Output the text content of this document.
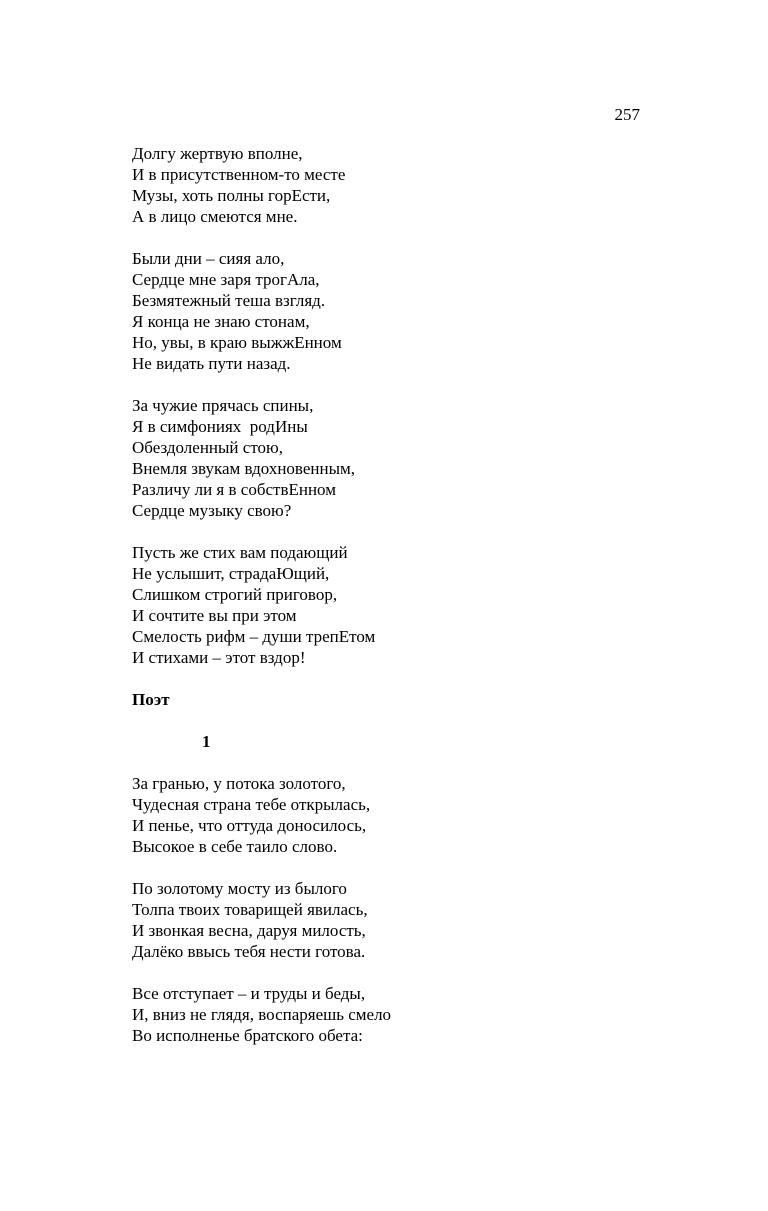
257
Долгу жертвую вполне,
И в присутственном-то месте
Музы, хоть полны горЕсти,
А в лицо смеются мне.
Были дни – сияя ало,
Сердце мне заря трогАла,
Безмятежный теша взгляд.
Я конца не знаю стонам,
Но, увы, в краю выжжЕнном
Не видать пути назад.
За чужие прячась спины,
Я в симфониях  родИны
Обездоленный стою,
Внемля звукам вдохновенным,
Различу ли я в собствЕнном
Сердце музыку свою?
Пусть же стих вам подающий
Не услышит, страдаЮщий,
Слишком строгий приговор,
И сочтите вы при этом
Смелость рифм – души трепЕтом
И стихами – этот вздор!
Поэт
1
За гранью, у потока золотого,
Чудесная страна тебе открылась,
И пенье, что оттуда доносилось,
Высокое в себе таило слово.
По золотому мосту из былого
Толпа твоих товарищей явилась,
И звонкая весна, даруя милость,
Далёко ввысь тебя нести готова.
Все отступает – и труды и беды,
И, вниз не глядя, воспаряешь смело
Во исполненье братского обета:
